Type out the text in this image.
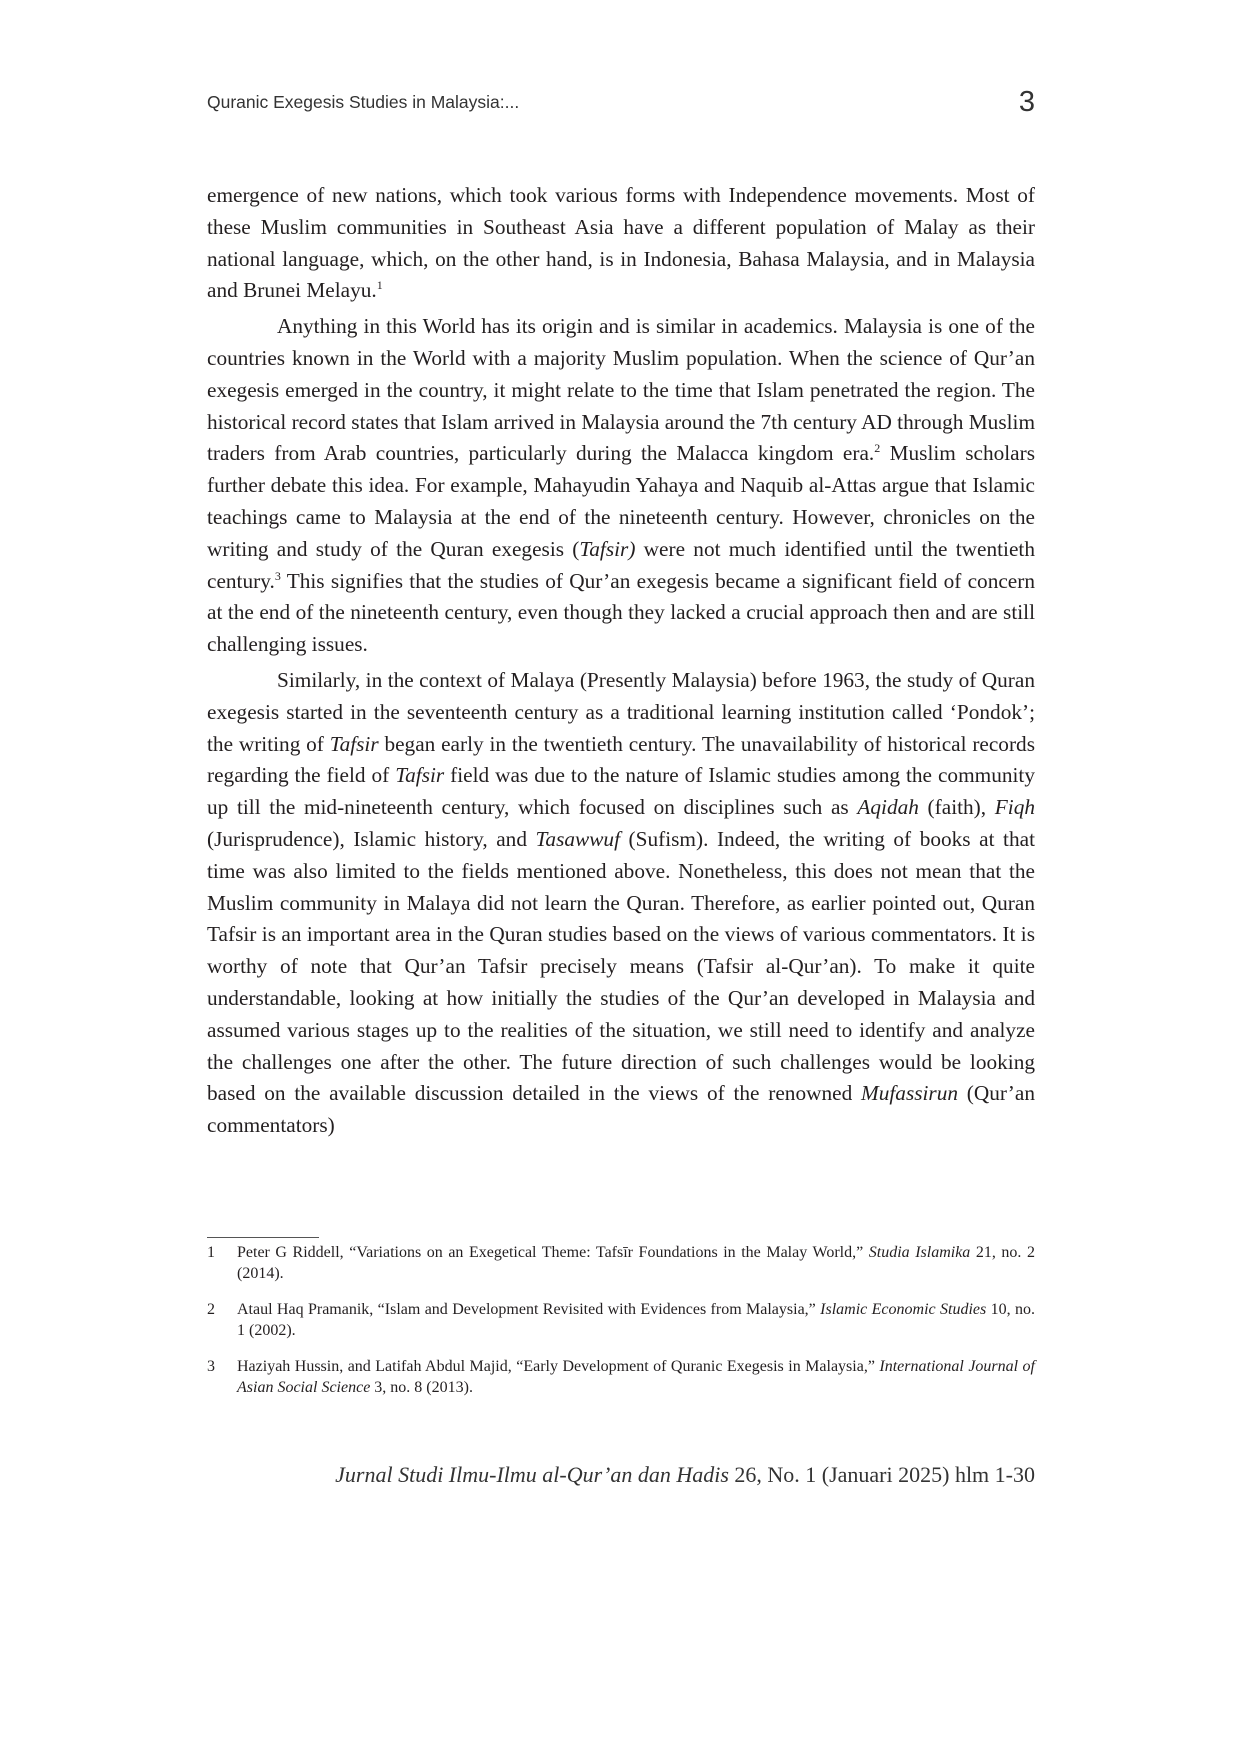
Quranic Exegesis Studies in Malaysia:...	3

emergence of new nations, which took various forms with Independence movements. Most of these Muslim communities in Southeast Asia have a different population of Malay as their national language, which, on the other hand, is in Indonesia, Bahasa Malaysia, and in Malaysia and Brunei Melayu.$^1$

Anything in this World has its origin and is similar in academics. Malaysia is one of the countries known in the World with a majority Muslim population. When the science of Qur’an exegesis emerged in the country, it might relate to the time that Islam penetrated the region. The historical record states that Islam arrived in Malaysia around the 7th century AD through Muslim traders from Arab countries, particularly during the Malacca kingdom era.$^2$ Muslim scholars further debate this idea. For example, Mahayudin Yahaya and Naquib al-Attas argue that Islamic teachings came to Malaysia at the end of the nineteenth century. However, chronicles on the writing and study of the Quran exegesis (Tafsir) were not much identified until the twentieth century.$^3$ This signifies that the studies of Qur’an exegesis became a significant field of concern at the end of the nineteenth century, even though they lacked a crucial approach then and are still challenging issues.

Similarly, in the context of Malaya (Presently Malaysia) before 1963, the study of Quran exegesis started in the seventeenth century as a traditional learning institution called ‘Pondok’; the writing of Tafsir began early in the twentieth century. The unavailability of historical records regarding the field of Tafsir field was due to the nature of Islamic studies among the community up till the mid-nineteenth century, which focused on disciplines such as Aqidah (faith), Fiqh (Jurisprudence), Islamic history, and Tasawwuf (Sufism). Indeed, the writing of books at that time was also limited to the fields mentioned above. Nonetheless, this does not mean that the Muslim community in Malaya did not learn the Quran. Therefore, as earlier pointed out, Quran Tafsir is an important area in the Quran studies based on the views of various commentators. It is worthy of note that Qur’an Tafsir precisely means (Tafsir al-Qur’an). To make it quite understandable, looking at how initially the studies of the Qur’an developed in Malaysia and assumed various stages up to the realities of the situation, we still need to identify and analyze the challenges one after the other. The future direction of such challenges would be looking based on the available discussion detailed in the views of the renowned Mufassirun (Qur’an commentators)

1	Peter G Riddell, “Variations on an Exegetical Theme: Tafsīr Foundations in the Malay World,” Studia Islamika 21, no. 2 (2014).
2	Ataul Haq Pramanik, “Islam and Development Revisited with Evidences from Malaysia,” Islamic Economic Studies 10, no. 1 (2002).
3	Haziyah Hussin, and Latifah Abdul Majid, “Early Development of Quranic Exegesis in Malaysia,” International Journal of Asian Social Science 3, no. 8 (2013).
Jurnal Studi Ilmu-Ilmu al-Qur’an dan Hadis 26, No. 1 (Januari 2025) hlm 1-30
